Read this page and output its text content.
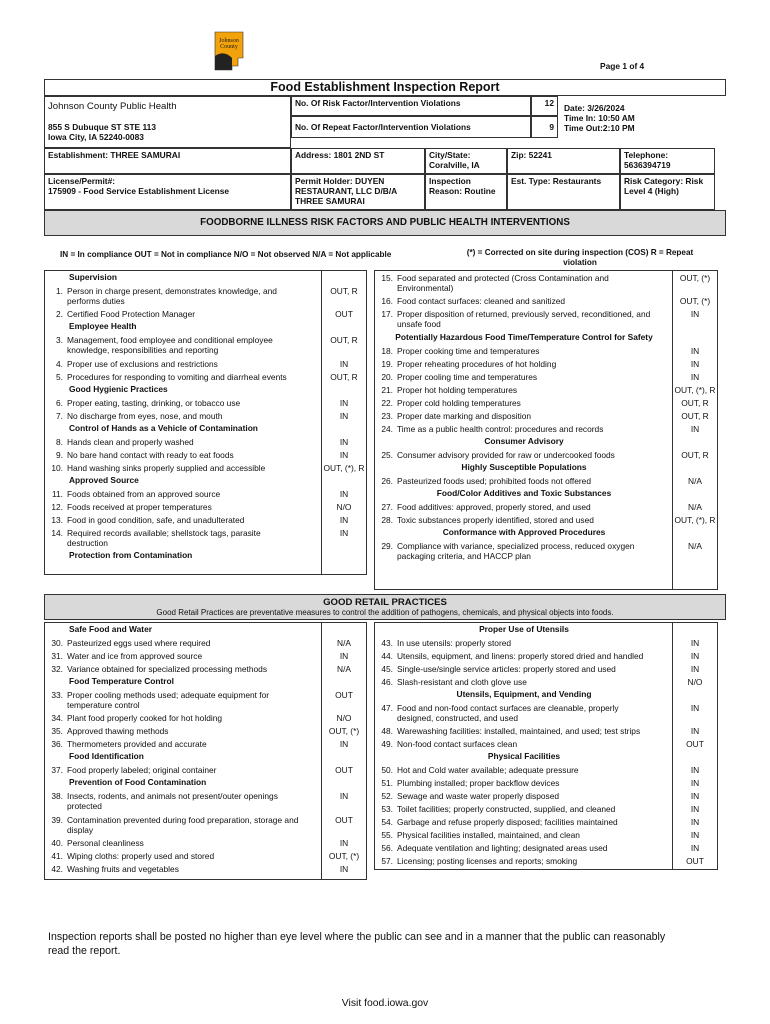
Johnson
County
Page 1 of 4
Food Establishment Inspection Report
Johnson County Public Health
855 S Dubuque ST STE 113
Iowa City, IA 52240-0083
No. Of Risk Factor/Intervention Violations	12
No. Of Repeat Factor/Intervention Violations	9
Date: 3/26/2024
Time In: 10:50 AM
Time Out:2:10 PM
Establishment: THREE SAMURAI	Address: 1801 2ND ST	City/State:
Coralville, IA
Zip: 52241	Telephone:
5636394719
License/Permit#:
175909 - Food Service Establishment License
Permit Holder: DUYEN
RESTAURANT, LLC D/B/A
THREE SAMURAI
Inspection
Reason: Routine
Est. Type: Restaurants	Risk Category: Risk
Level 4 (High)
FOODBORNE ILLNESS RISK FACTORS AND PUBLIC HEALTH INTERVENTIONS
IN = In compliance OUT = Not in compliance N/O = Not observed N/A = Not applicable	(*) = Corrected on site during inspection (COS) R = Repeat
violation
Supervision
1. Person in charge present, demonstrates knowledge, and performs duties
OUT, R
2. Certified Food Protection Manager	OUT
Employee Health
3. Management, food employee and conditional employee knowledge, responsibilities and reporting
OUT, R
4. Proper use of exclusions and restrictions	IN
5. Procedures for responding to vomiting and diarrheal events	OUT, R
Good Hygienic Practices
6. Proper eating, tasting, drinking, or tobacco use	IN
7. No discharge from eyes, nose, and mouth	IN
Control of Hands as a Vehicle of Contamination
8. Hands clean and properly washed	IN
9. No bare hand contact with ready to eat foods	IN
10. Hand washing sinks properly supplied and accessible	OUT, (*), R
Approved Source
11. Foods obtained from an approved source	IN
12. Foods received at proper temperatures	N/O
13. Food in good condition, safe, and unadulterated	IN
14. Required records available; shellstock tags, parasite destruction
IN
Protection from Contamination
15. Food separated and protected (Cross Contamination and Environmental)
OUT, (*)
16. Food contact surfaces: cleaned and sanitized	OUT, (*)
17. Proper disposition of returned, previously served, reconditioned, and unsafe food
IN
Potentially Hazardous Food Time/Temperature Control for Safety
18. Proper cooking time and temperatures	IN
19. Proper reheating procedures of hot holding	IN
20. Proper cooling time and temperatures	IN
21. Proper hot holding temperatures	OUT, (*), R
22. Proper cold holding temperatures	OUT, R
23. Proper date marking and disposition	OUT, R
24. Time as a public health control: procedures and records	IN
Consumer Advisory
25. Consumer advisory provided for raw or undercooked foods	OUT, R
Highly Susceptible Populations
26. Pasteurized foods used; prohibited foods not offered	N/A
Food/Color Additives and Toxic Substances
27. Food additives: approved, properly stored, and used	N/A
28. Toxic substances properly identified, stored and used	OUT, (*), R
Conformance with Approved Procedures
29. Compliance with variance, specialized process, reduced oxygen packaging criteria, and HACCP plan
N/A
GOOD RETAIL PRACTICES
Good Retail Practices are preventative measures to control the addition of pathogens, chemicals, and physical objects into foods.
Safe Food and Water
30. Pasteurized eggs used where required	N/A
31. Water and ice from approved source	IN
32. Variance obtained for specialized processing methods	N/A
Food Temperature Control
33. Proper cooling methods used; adequate equipment for temperature control
OUT
34. Plant food properly cooked for hot holding	N/O
35. Approved thawing methods	OUT, (*)
36. Thermometers provided and accurate	IN
Food Identification
37. Food properly labeled; original container	OUT
Prevention of Food Contamination
38. Insects, rodents, and animals not present/outer openings protected
IN
39. Contamination prevented during food preparation, storage and display
OUT
40. Personal cleanliness	IN
41. Wiping cloths: properly used and stored	OUT, (*)
42. Washing fruits and vegetables	IN
Proper Use of Utensils
43. In use utensils: properly stored	IN
44. Utensils, equipment, and linens: properly stored dried and handled	IN
45. Single-use/single service articles: properly stored and used	IN
46. Slash-resistant and cloth glove use	N/O
Utensils, Equipment, and Vending
47. Food and non-food contact surfaces are cleanable, properly designed, constructed, and used
IN
48. Warewashing facilities: installed, maintained, and used; test strips	IN
49. Non-food contact surfaces clean	OUT
Physical Facilities
50. Hot and Cold water available; adequate pressure	IN
51. Plumbing installed; proper backflow devices	IN
52. Sewage and waste water properly disposed	IN
53. Toilet facilities; properly constructed, supplied, and cleaned	IN
54. Garbage and refuse properly disposed; facilities maintained	IN
55. Physical facilities installed, maintained, and clean	IN
56. Adequate ventilation and lighting; designated areas used	IN
57. Licensing; posting licenses and reports; smoking	OUT
Inspection reports shall be posted no higher than eye level where the public can see and in a manner that the public can reasonably read the report.
Visit food.iowa.gov
